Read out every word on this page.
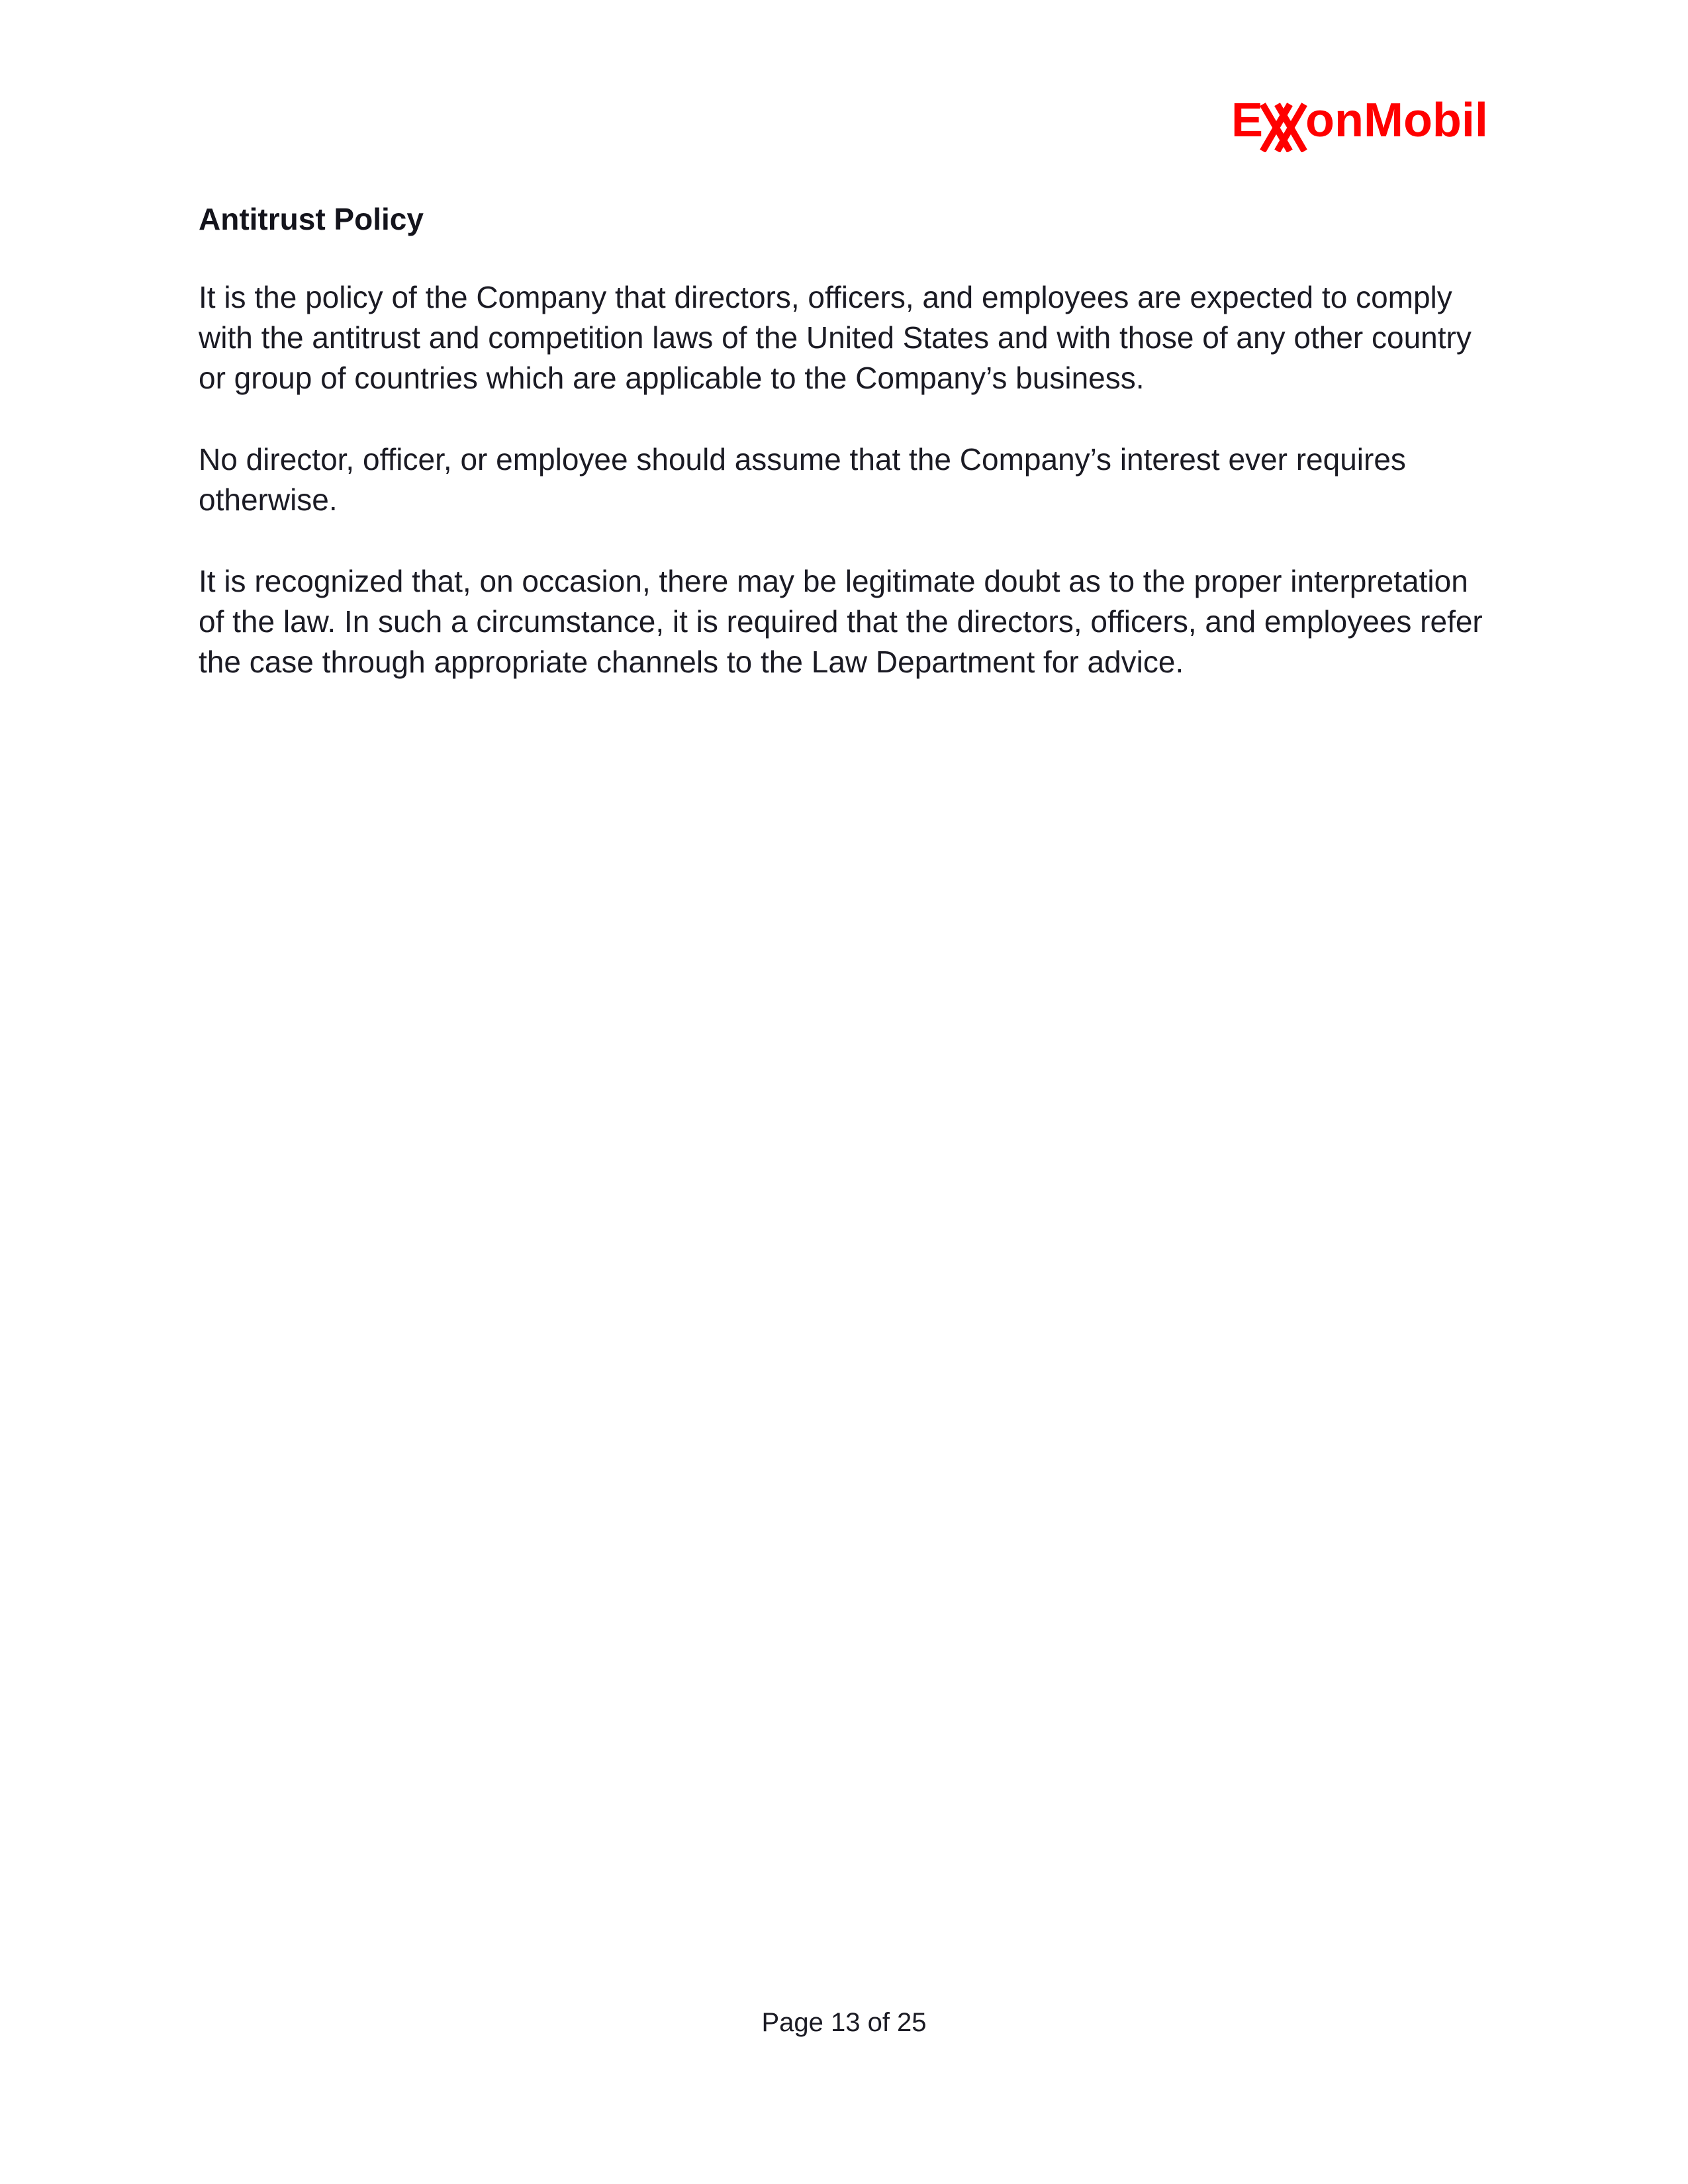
E onMobil
Antitrust Policy

It is the policy of the Company that directors, officers, and employees are expected to comply with the antitrust and competition laws of the United States and with those of any other country or group of countries which are applicable to the Company’s business.

No director, officer, or employee should assume that the Company’s interest ever requires otherwise.

It is recognized that, on occasion, there may be legitimate doubt as to the proper interpretation of the law. In such a circumstance, it is required that the directors, officers, and employees refer the case through appropriate channels to the Law Department for advice.

Page 13 of 25
